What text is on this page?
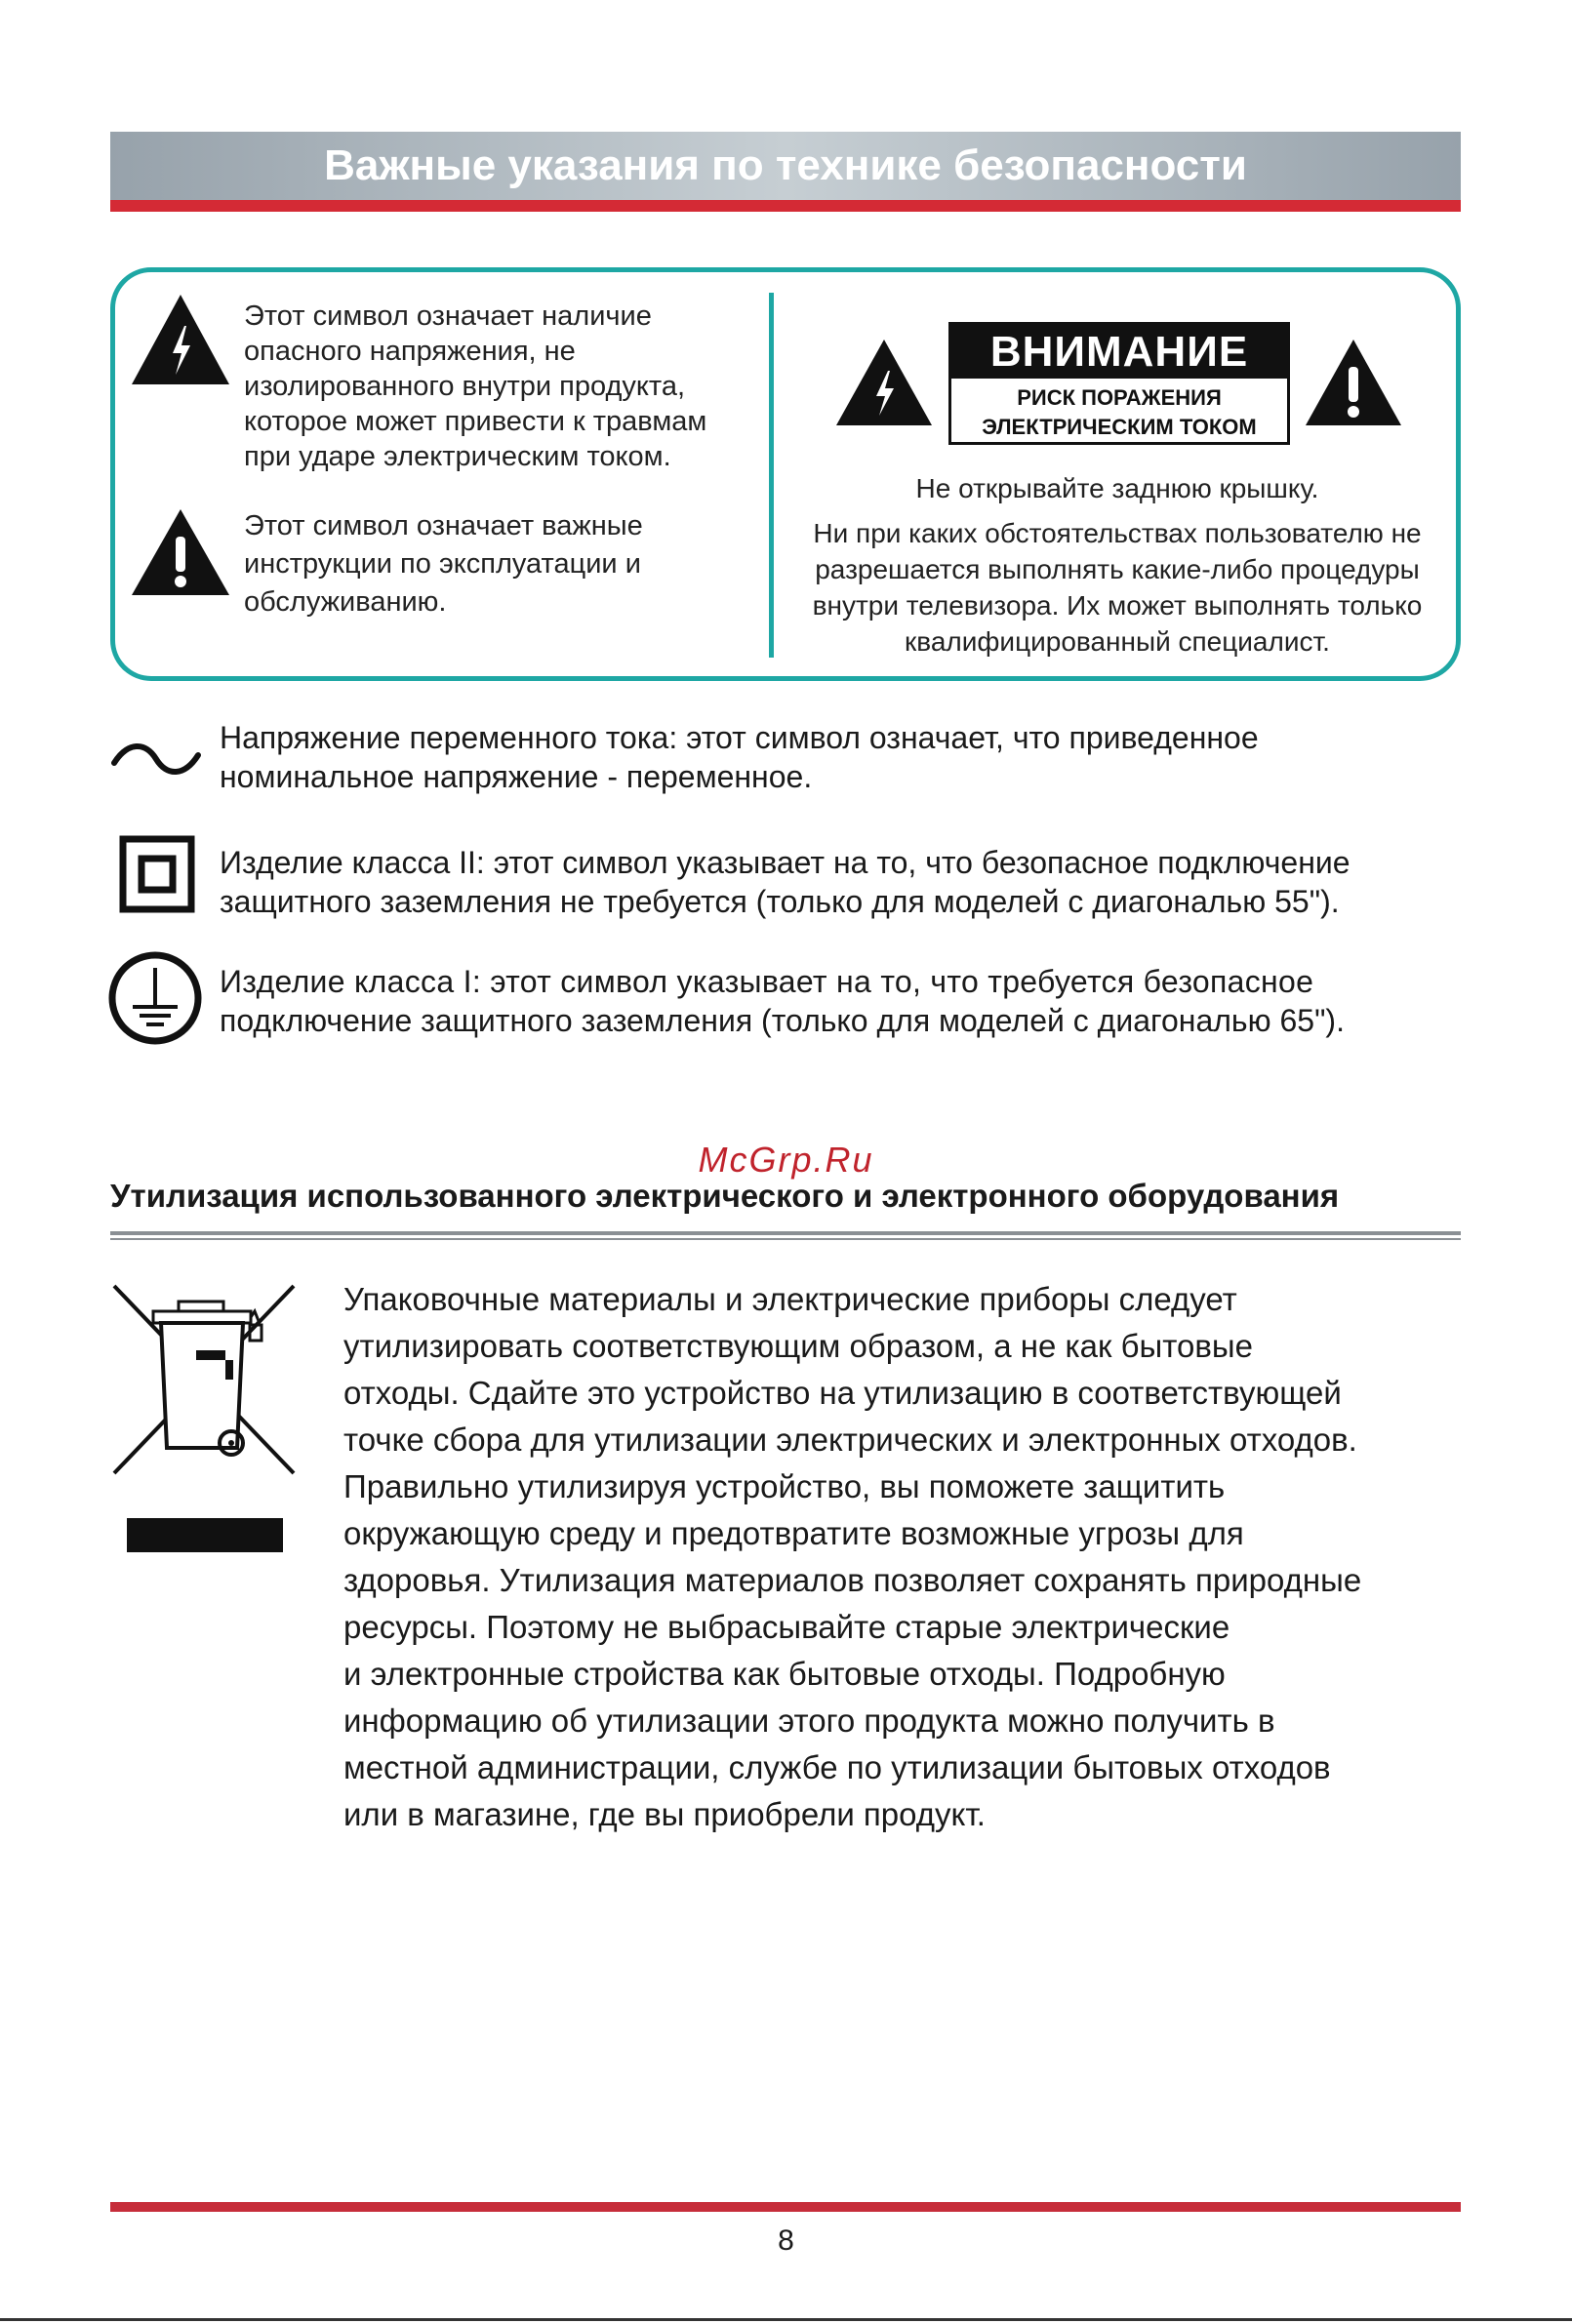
Важные указания по технике безопасности
Этот символ означает наличие
опасного напряжения, не
изолированного внутри продукта,
которое может привести к травмам
при ударе электрическим током.
Этот символ означает важные
инструкции по эксплуатации и
обслуживанию.
ВНИМАНИЕ
РИСК ПОРАЖЕНИЯ
ЭЛЕКТРИЧЕСКИМ ТОКОМ
Не открывайте заднюю крышку.
Ни при каких обстоятельствах пользователю не
разрешается выполнять какие-либо процедуры
внутри телевизора. Их может выполнять только
квалифицированный специалист.
Напряжение переменного тока: этот символ означает, что приведенное
номинальное напряжение - переменное.
Изделие класса II: этот символ указывает на то, что безопасное подключение
защитного заземления не требуется (только для моделей с диагональю 55").
Изделие класса I: этот символ указывает на то, что требуется безопасное
подключение защитного заземления (только для моделей с диагональю 65").
McGrp.Ru
Утилизация использованного электрического и электронного оборудования
Упаковочные материалы и электрические приборы следует
утилизировать соответствующим образом, а не как бытовые
отходы. Сдайте это устройство на утилизацию в соответствующей
точке сбора для утилизации электрических и электронных отходов.
Правильно утилизируя устройство, вы поможете защитить
окружающую среду и предотвратите возможные угрозы для
здоровья. Утилизация материалов позволяет сохранять природные
ресурсы. Поэтому не выбрасывайте старые электрические
и электронные стройства как бытовые отходы. Подробную
информацию об утилизации этого продукта можно получить в
местной администрации, службе по утилизации бытовых отходов
или в магазине, где вы приобрели продукт.
8
